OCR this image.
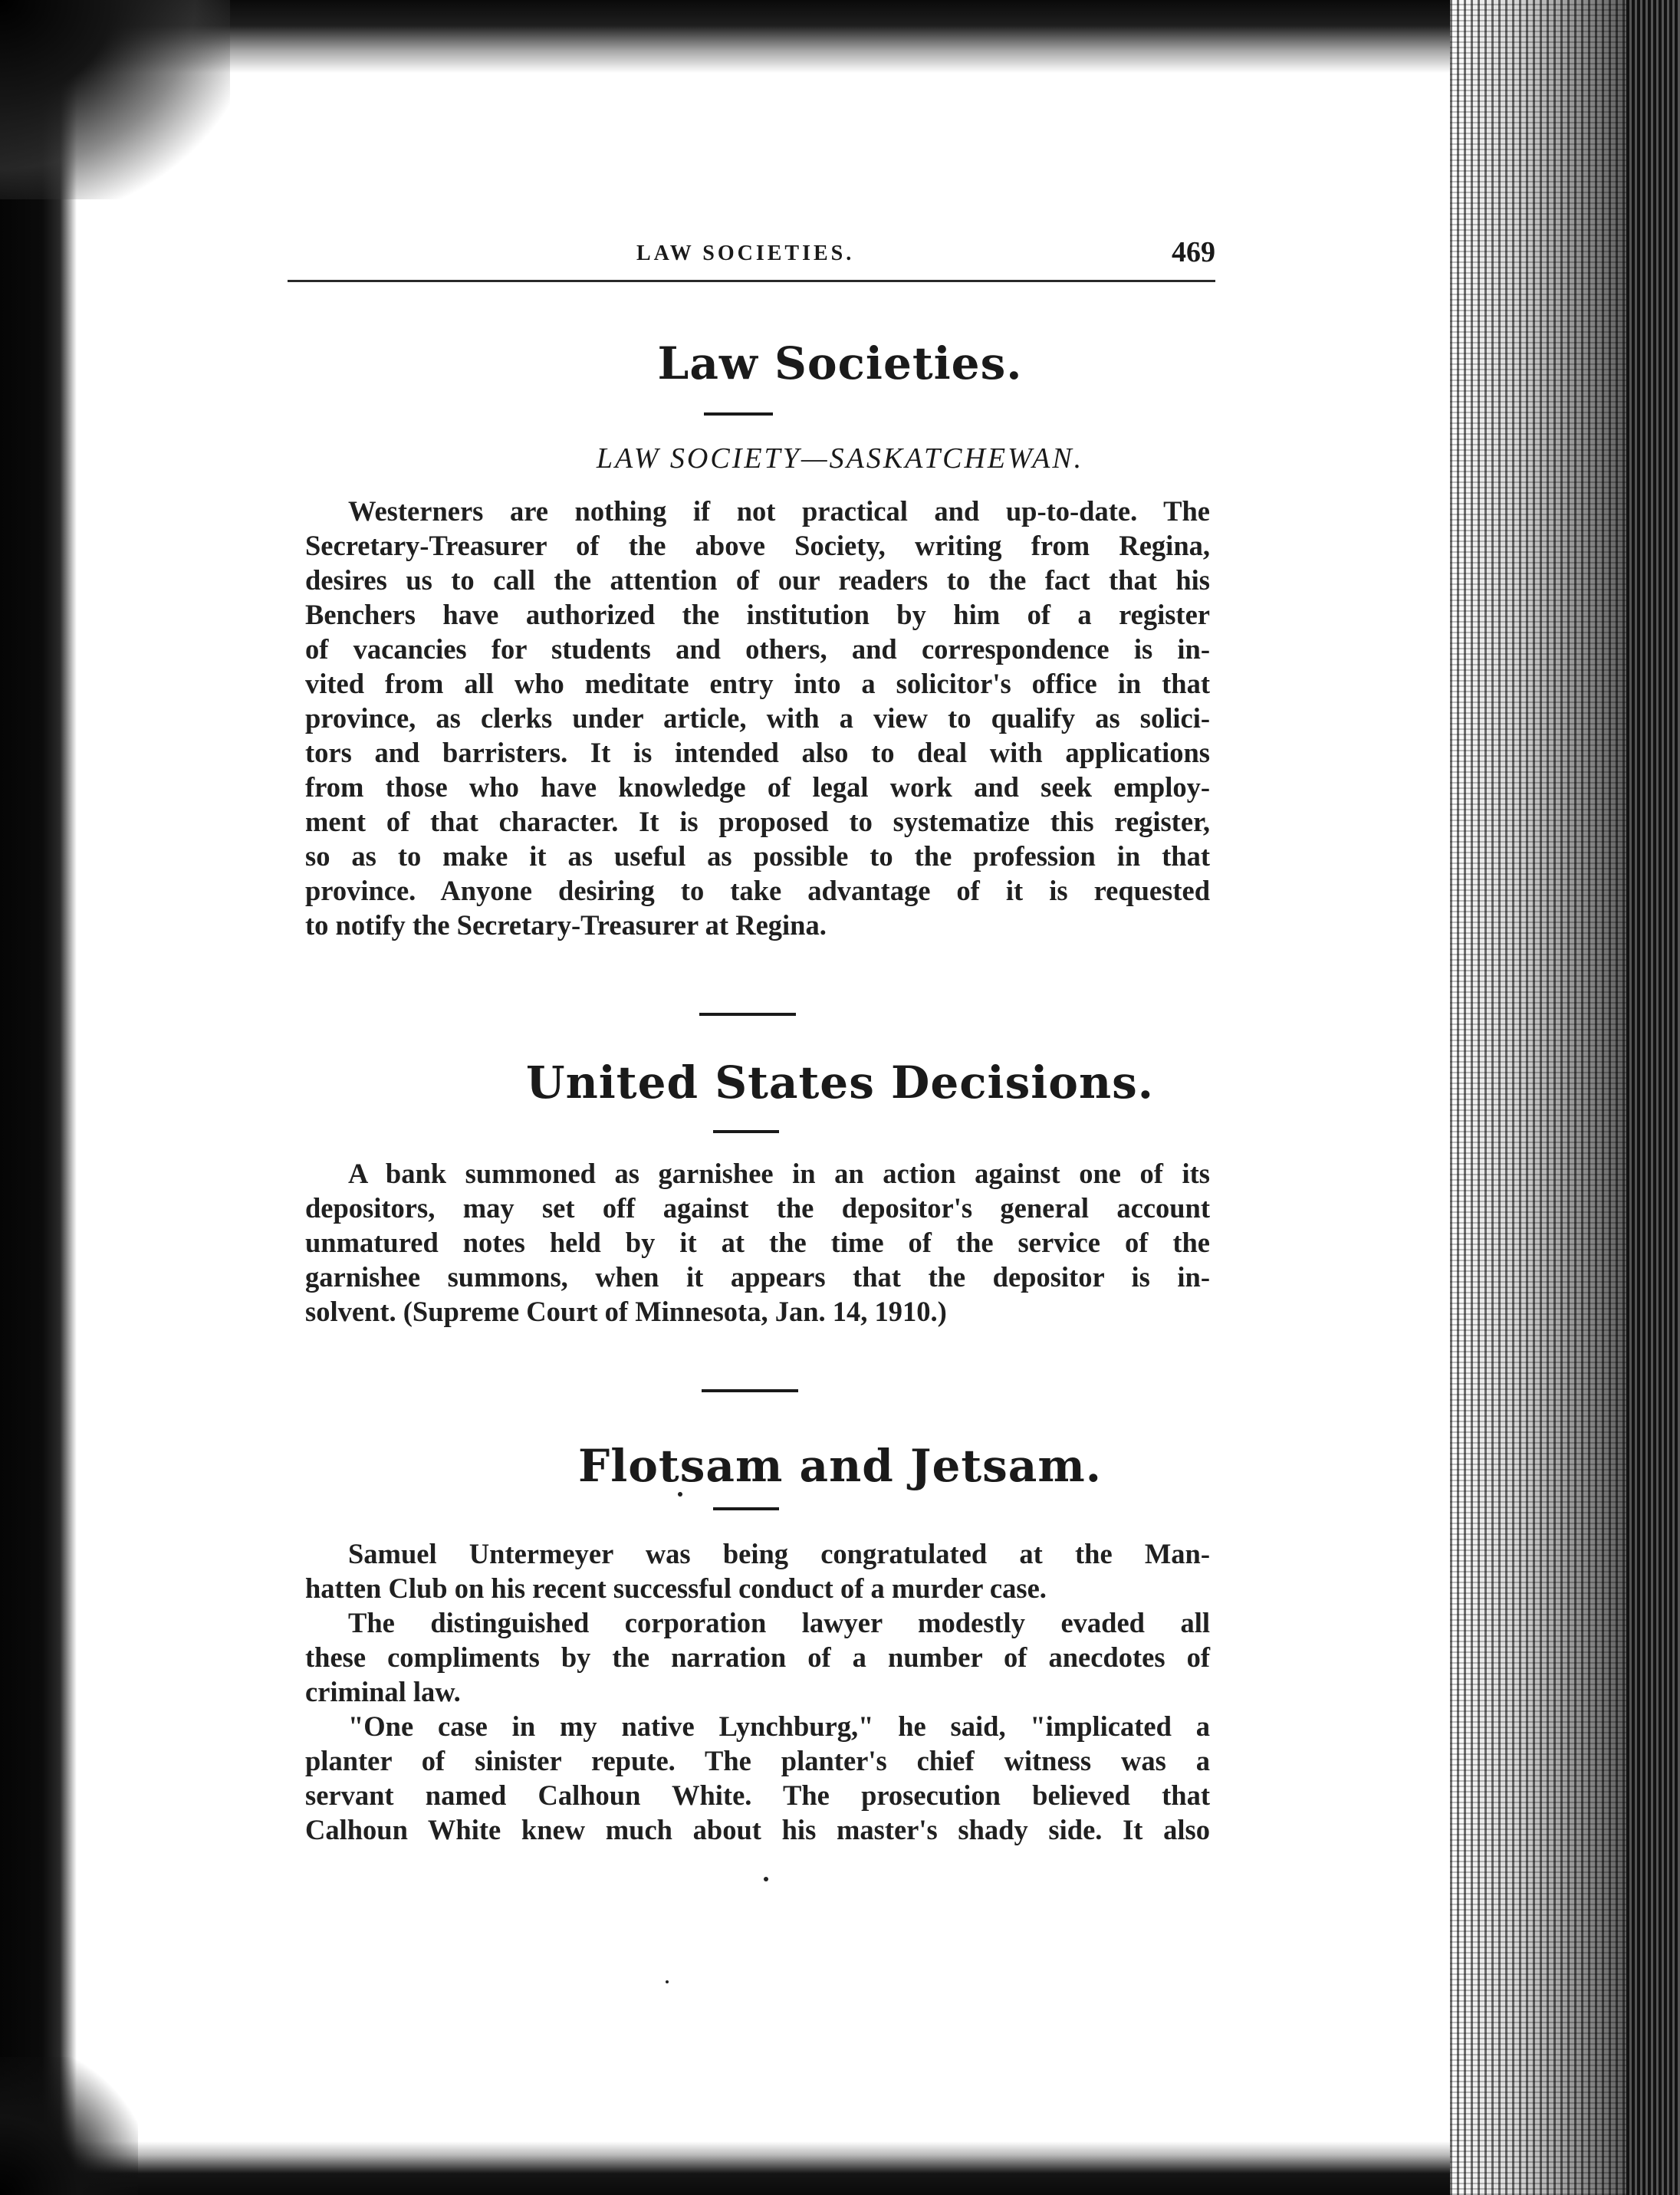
LAW SOCIETIES.	469
Law Societies.
LAW SOCIETY—SASKATCHEWAN.
Westerners are nothing if not practical and up-to-date. The
Secretary-Treasurer of the above Society, writing from Regina,
desires us to call the attention of our readers to the fact that his
Benchers have authorized the institution by him of a register
of vacancies for students and others, and correspondence is in-
vited from all who meditate entry into a solicitor's office in that
province, as clerks under article, with a view to qualify as solici-
tors and barristers. It is intended also to deal with applications
from those who have knowledge of legal work and seek employ-
ment of that character. It is proposed to systematize this register,
so as to make it as useful as possible to the profession in that
province. Anyone desiring to take advantage of it is requested
to notify the Secretary-Treasurer at Regina.
United States Decisions.
A bank summoned as garnishee in an action against one of its
depositors, may set off against the depositor's general account
unmatured notes held by it at the time of the service of the
garnishee summons, when it appears that the depositor is in-
solvent. (Supreme Court of Minnesota, Jan. 14, 1910.)
Flotsam and Jetsam.
Samuel Untermeyer was being congratulated at the Man-
hatten Club on his recent successful conduct of a murder case.
The distinguished corporation lawyer modestly evaded all
these compliments by the narration of a number of anecdotes of
criminal law.
"One case in my native Lynchburg," he said, "implicated a
planter of sinister repute. The planter's chief witness was a
servant named Calhoun White. The prosecution believed that
Calhoun White knew much about his master's shady side. It also
